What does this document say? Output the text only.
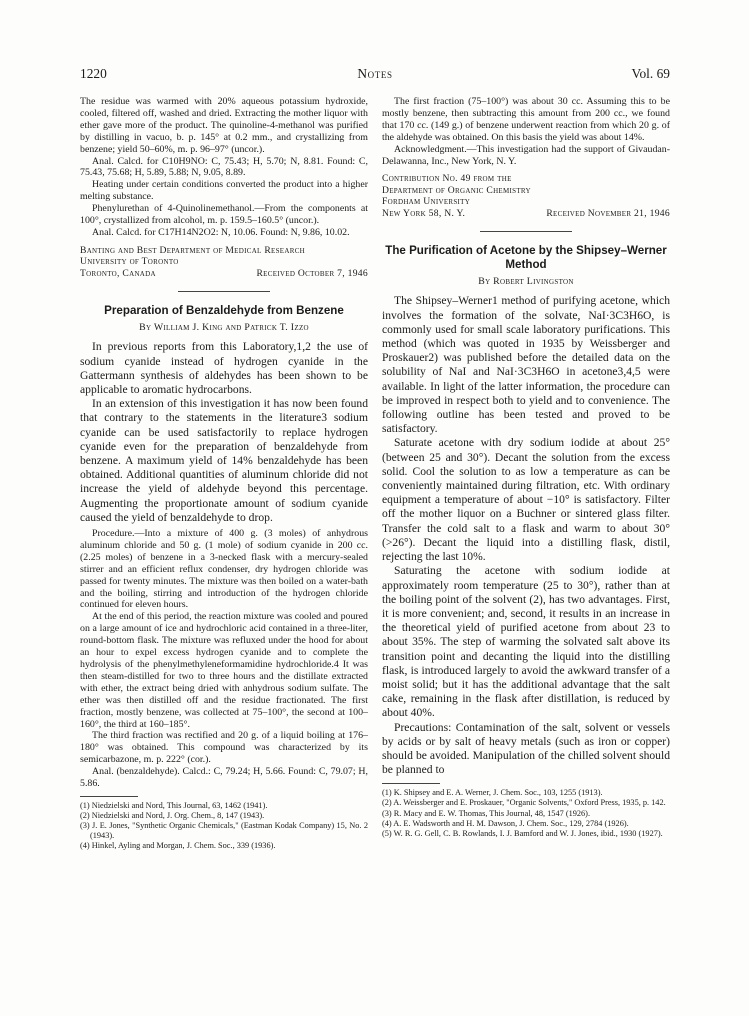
1220	Notes	Vol. 69

The residue was warmed with 20% aqueous potassium hydroxide, cooled, filtered off, washed and dried. Extracting the mother liquor with ether gave more of the product. The quinoline-4-methanol was purified by distilling in vacuo, b. p. 145° at 0.2 mm., and crystallizing from benzene; yield 50–60%, m. p. 96–97° (uncor.).

Anal. Calcd. for C10H9NO: C, 75.43; H, 5.70; N, 8.81. Found: C, 75.43, 75.68; H, 5.89, 5.88; N, 9.05, 8.89.

Heating under certain conditions converted the product into a higher melting substance.

Phenylurethan of 4-Quinolinemethanol.—From the components at 100°, crystallized from alcohol, m. p. 159.5–160.5° (uncor.).

Anal. Calcd. for C17H14N2O2: N, 10.06. Found: N, 9.86, 10.02.

Banting and Best Department of Medical Research

University of Toronto

Toronto, Canada	Received October 7, 1946

Preparation of Benzaldehyde from Benzene

By William J. King and Patrick T. Izzo

In previous reports from this Laboratory,1,2 the use of sodium cyanide instead of hydrogen cyanide in the Gattermann synthesis of aldehydes has been shown to be applicable to aromatic hydrocarbons.

In an extension of this investigation it has now been found that contrary to the statements in the literature3 sodium cyanide can be used satisfactorily to replace hydrogen cyanide even for the preparation of benzaldehyde from benzene. A maximum yield of 14% benzaldehyde has been obtained. Additional quantities of aluminum chloride did not increase the yield of aldehyde beyond this percentage. Augmenting the proportionate amount of sodium cyanide caused the yield of benzaldehyde to drop.

Procedure.—Into a mixture of 400 g. (3 moles) of anhydrous aluminum chloride and 50 g. (1 mole) of sodium cyanide in 200 cc. (2.25 moles) of benzene in a 3-necked flask with a mercury-sealed stirrer and an efficient reflux condenser, dry hydrogen chloride was passed for twenty minutes. The mixture was then boiled on a water-bath and the boiling, stirring and introduction of the hydrogen chloride continued for eleven hours.

At the end of this period, the reaction mixture was cooled and poured on a large amount of ice and hydrochloric acid contained in a three-liter, round-bottom flask. The mixture was refluxed under the hood for about an hour to expel excess hydrogen cyanide and to complete the hydrolysis of the phenylmethyleneformamidine hydrochloride.4 It was then steam-distilled for two to three hours and the distillate extracted with ether, the extract being dried with anhydrous sodium sulfate. The ether was then distilled off and the residue fractionated. The first fraction, mostly benzene, was collected at 75–100°, the second at 100–160°, the third at 160–185°.

The third fraction was rectified and 20 g. of a liquid boiling at 176–180° was obtained. This compound was characterized by its semicarbazone, m. p. 222° (cor.).

Anal. (benzaldehyde). Calcd.: C, 79.24; H, 5.66. Found: C, 79.07; H, 5.86.

(1) Niedzielski and Nord, This Journal, 63, 1462 (1941).

(2) Niedzielski and Nord, J. Org. Chem., 8, 147 (1943).

(3) J. E. Jones, "Synthetic Organic Chemicals," (Eastman Kodak Company) 15, No. 2 (1943).

(4) Hinkel, Ayling and Morgan, J. Chem. Soc., 339 (1936).

The first fraction (75–100°) was about 30 cc. Assuming this to be mostly benzene, then subtracting this amount from 200 cc., we found that 170 cc. (149 g.) of benzene underwent reaction from which 20 g. of the aldehyde was obtained. On this basis the yield was about 14%.

Acknowledgment.—This investigation had the support of Givaudan-Delawanna, Inc., New York, N. Y.

Contribution No. 49 from the

Department of Organic Chemistry

Fordham University

New York 58, N. Y.	Received November 21, 1946

The Purification of Acetone by the Shipsey–Werner Method

By Robert Livingston

The Shipsey–Werner1 method of purifying acetone, which involves the formation of the solvate, NaI·3C3H6O, is commonly used for small scale laboratory purifications. This method (which was quoted in 1935 by Weissberger and Proskauer2) was published before the detailed data on the solubility of NaI and NaI·3C3H6O in acetone3,4,5 were available. In light of the latter information, the procedure can be improved in respect both to yield and to convenience. The following outline has been tested and proved to be satisfactory.

Saturate acetone with dry sodium iodide at about 25° (between 25 and 30°). Decant the solution from the excess solid. Cool the solution to as low a temperature as can be conveniently maintained during filtration, etc. With ordinary equipment a temperature of about −10° is satisfactory. Filter off the mother liquor on a Buchner or sintered glass filter. Transfer the cold salt to a flask and warm to about 30° (>26°). Decant the liquid into a distilling flask, distil, rejecting the last 10%.

Saturating the acetone with sodium iodide at approximately room temperature (25 to 30°), rather than at the boiling point of the solvent (2), has two advantages. First, it is more convenient; and, second, it results in an increase in the theoretical yield of purified acetone from about 23 to about 35%. The step of warming the solvated salt above its transition point and decanting the liquid into the distilling flask, is introduced largely to avoid the awkward transfer of a moist solid; but it has the additional advantage that the salt cake, remaining in the flask after distillation, is reduced by about 40%.

Precautions: Contamination of the salt, solvent or vessels by acids or by salt of heavy metals (such as iron or copper) should be avoided. Manipulation of the chilled solvent should be planned to

(1) K. Shipsey and E. A. Werner, J. Chem. Soc., 103, 1255 (1913).

(2) A. Weissberger and E. Proskauer, "Organic Solvents," Oxford Press, 1935, p. 142.

(3) R. Macy and E. W. Thomas, This Journal, 48, 1547 (1926).

(4) A. E. Wadsworth and H. M. Dawson, J. Chem. Soc., 129, 2784 (1926).

(5) W. R. G. Gell, C. B. Rowlands, I. J. Bamford and W. J. Jones, ibid., 1930 (1927).
